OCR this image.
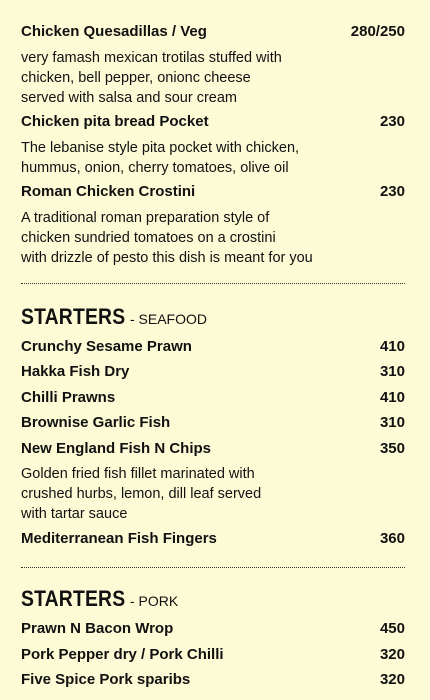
Chicken Quesadillas / Veg	280/250
very famash mexican trotilas stuffed with
chicken, bell pepper, onionc cheese
served with salsa and sour cream
Chicken pita bread Pocket	230
The lebanise style pita pocket with chicken,
hummus, onion, cherry tomatoes, olive oil
Roman Chicken Crostini	230
A traditional roman preparation style of
chicken sundried tomatoes on a crostini
with drizzle of pesto this dish is meant for you
STARTERS - SEAFOOD
Crunchy Sesame Prawn	410
Hakka Fish Dry	310
Chilli Prawns	410
Brownise Garlic Fish	310
New England Fish N Chips	350
Golden fried fish fillet marinated with
crushed hurbs, lemon, dill leaf served
with tartar sauce
Mediterranean Fish Fingers	360
STARTERS - PORK
Prawn N Bacon Wrop	450
Pork Pepper dry / Pork Chilli	320
Five Spice Pork sparibs	320
